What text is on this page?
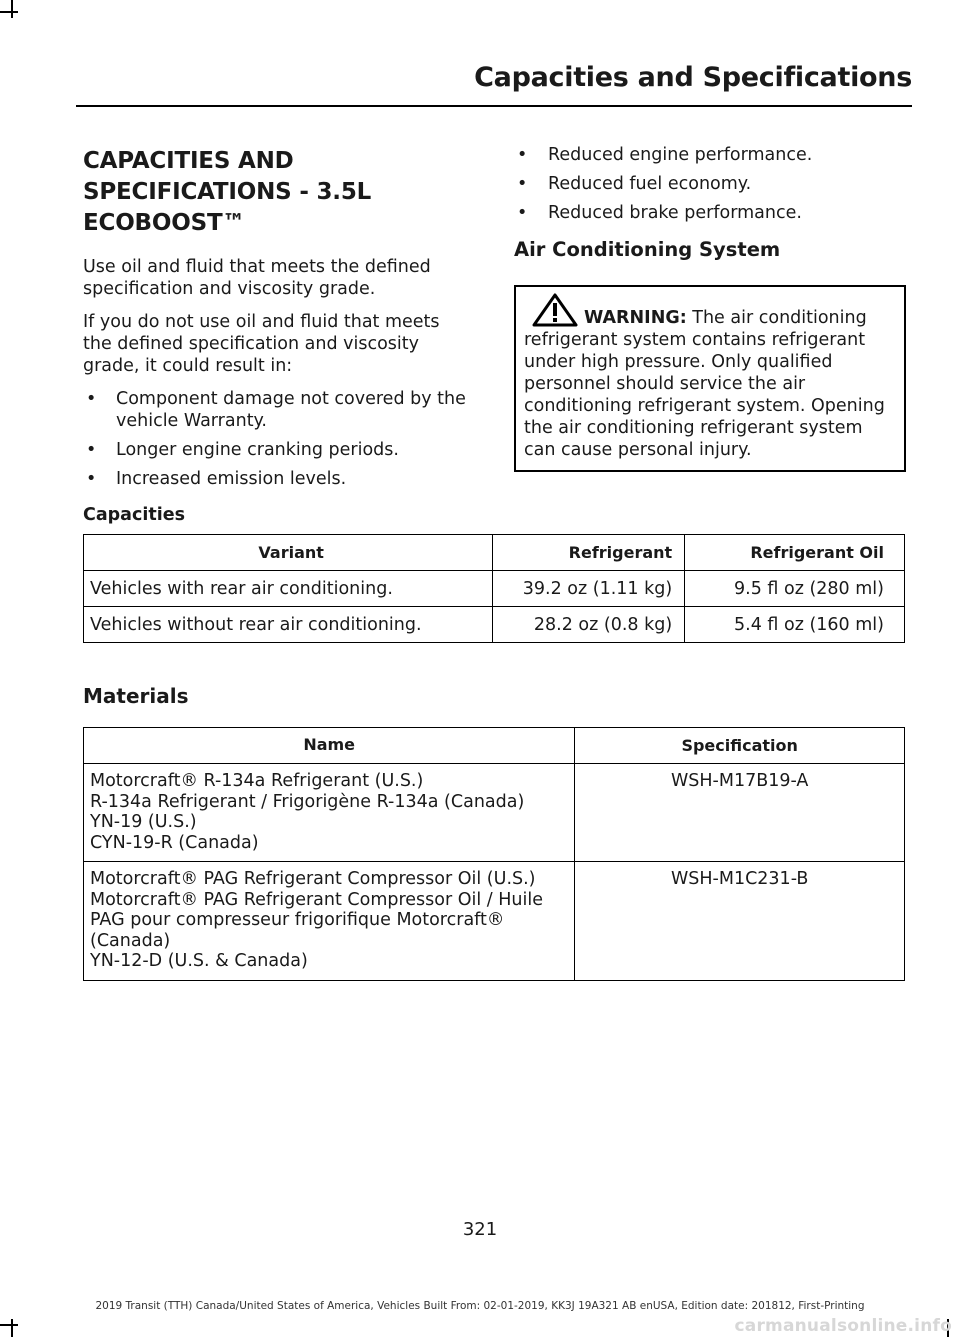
Capacities and Specifications
CAPACITIES AND
SPECIFICATIONS - 3.5L
ECOBOOST™

Use oil and fluid that meets the defined specification and viscosity grade.

If you do not use oil and fluid that meets the defined specification and viscosity grade, it could result in:

• Component damage not covered by the vehicle Warranty.
• Longer engine cranking periods.
• Increased emission levels.
• Reduced engine performance.
• Reduced fuel economy.
• Reduced brake performance.
Air Conditioning System
WARNING: The air conditioning refrigerant system contains refrigerant under high pressure. Only qualified personnel should service the air conditioning refrigerant system. Opening the air conditioning refrigerant system can cause personal injury.
Capacities
Variant	Refrigerant	Refrigerant Oil
Vehicles with rear air conditioning.	39.2 oz (1.11 kg)	9.5 fl oz (280 ml)
Vehicles without rear air conditioning.	28.2 oz (0.8 kg)	5.4 fl oz (160 ml)
Materials
Name	Specification

Motorcraft® R-134a Refrigerant (U.S.)
R-134a Refrigerant / Frigorigène R-134a (Canada)
YN-19 (U.S.)
CYN-19-R (Canada)	WSH-M17B19-A

Motorcraft® PAG Refrigerant Compressor Oil (U.S.)
Motorcraft® PAG Refrigerant Compressor Oil / Huile PAG pour compresseur frigorifique Motorcraft® (Canada)
YN-12-D (U.S. & Canada)	WSH-M1C231-B
321
2019 Transit (TTH) Canada/United States of America, Vehicles Built From: 02-01-2019, KK3J 19A321 AB enUSA, Edition date: 201812, First-Printing
carmanualsonline.info
